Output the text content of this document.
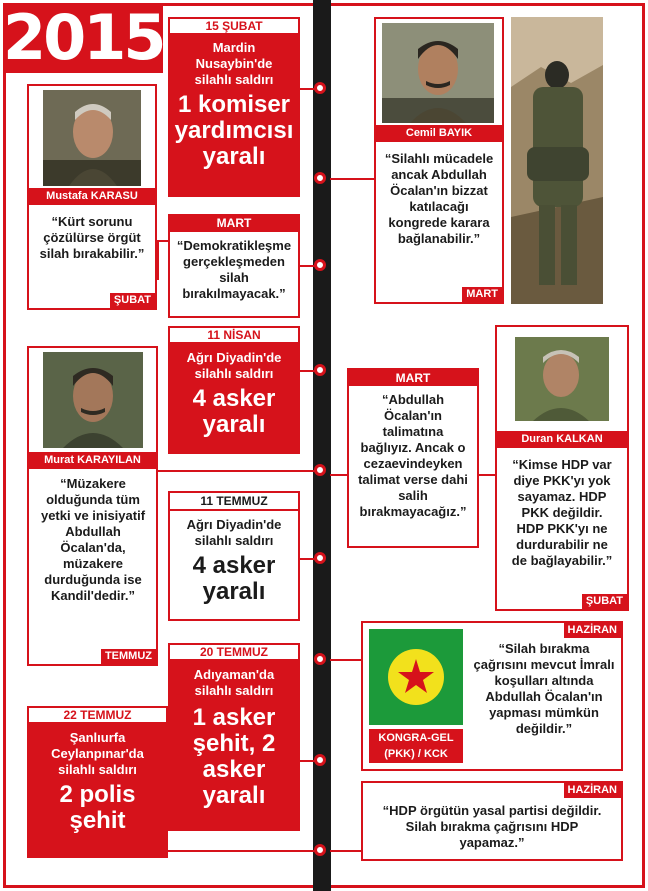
2015	15 ŞUBAT
Mardin
Nusaybin'de
silahlı saldırı
1 komiser yardımcısı yaralı
Mustafa KARASU
“Kürt sorunu çözülürse örgüt silah bırakabilir.”
ŞUBAT
MART
“Demokratikleşme gerçekleşmeden silah bırakılmayacak.”
Cemil BAYIK
“Silahlı mücadele ancak Abdullah Öcalan'ın bizzat katılacağı kongrede karara bağlanabilir.”
MART
11 NİSAN
Ağrı Diyadin'de
silahlı saldırı
4 asker yaralı
Murat KARAYILAN
“Müzakere olduğunda tüm yetki ve inisiyatif Abdullah Öcalan'da, müzakere durduğunda ise Kandil'dedir.”
TEMMUZ
MART
“Abdullah Öcalan'ın talimatına bağlıyız. Ancak o cezaevindeyken talimat verse dahi salih bırakmayacağız.”
Duran KALKAN
“Kimse HDP var diye PKK'yı yok sayamaz. HDP PKK değildir. HDP PKK'yı ne durdurabilir ne de bağlayabilir.”
ŞUBAT
11 TEMMUZ
Ağrı Diyadin'de
silahlı saldırı
4 asker yaralı
20 TEMMUZ
Adıyaman'da
silahlı saldırı
1 asker şehit, 2 asker yaralı
22 TEMMUZ
Şanlıurfa
Ceylanpınar'da
silahlı saldırı
2 polis şehit
HAZİRAN
KONGRA-GEL (PKK) / KCK
“Silah bırakma çağrısını mevcut İmralı koşulları altında Abdullah Öcalan'ın yapması mümkün değildir.”
HAZİRAN
“HDP örgütün yasal partisi değildir. Silah bırakma çağrısını HDP yapamaz.”
